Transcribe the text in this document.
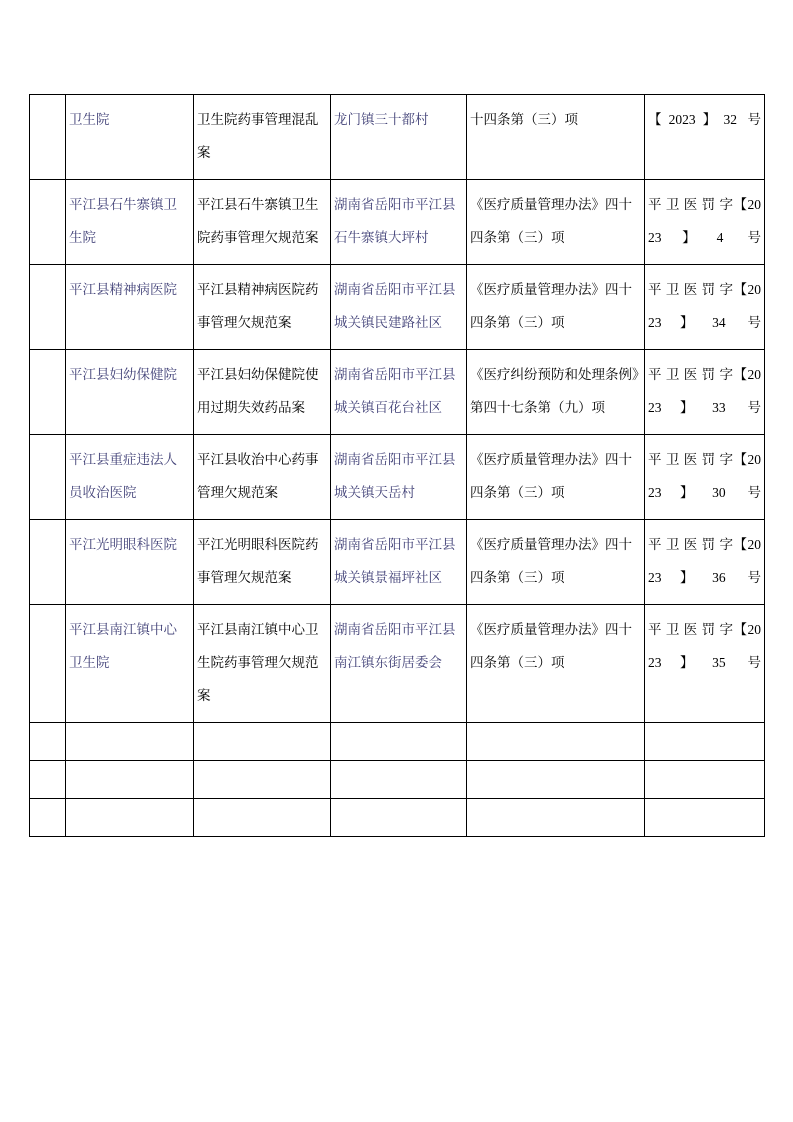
	卫生院	卫生院药事管理混乱案	龙门镇三十都村	十四条第（三）项	【2023】32 号
	平江县石牛寨镇卫生院	平江县石牛寨镇卫生院药事管理欠规范案	湖南省岳阳市平江县石牛寨镇大坪村	《医疗质量管理办法》四十四条第（三）项	平 卫 医 罚 字【2023】4 号
	平江县精神病医院	平江县精神病医院药事管理欠规范案	湖南省岳阳市平江县城关镇民建路社区	《医疗质量管理办法》四十四条第（三）项	平 卫 医 罚 字【2023】34 号
	平江县妇幼保健院	平江县妇幼保健院使用过期失效药品案	湖南省岳阳市平江县城关镇百花台社区	《医疗纠纷预防和处理条例》第四十七条第（九）项	平 卫 医 罚 字【2023】33 号
	平江县重症违法人员收治医院	平江县收治中心药事管理欠规范案	湖南省岳阳市平江县城关镇天岳村	《医疗质量管理办法》四十四条第（三）项	平 卫 医 罚 字【2023】30 号
	平江光明眼科医院	平江光明眼科医院药事管理欠规范案	湖南省岳阳市平江县城关镇景福坪社区	《医疗质量管理办法》四十四条第（三）项	平 卫 医 罚 字【2023】36 号
	平江县南江镇中心卫生院	平江县南江镇中心卫生院药事管理欠规范案	湖南省岳阳市平江县南江镇东街居委会	《医疗质量管理办法》四十四条第（三）项	平 卫 医 罚 字【2023】35 号
